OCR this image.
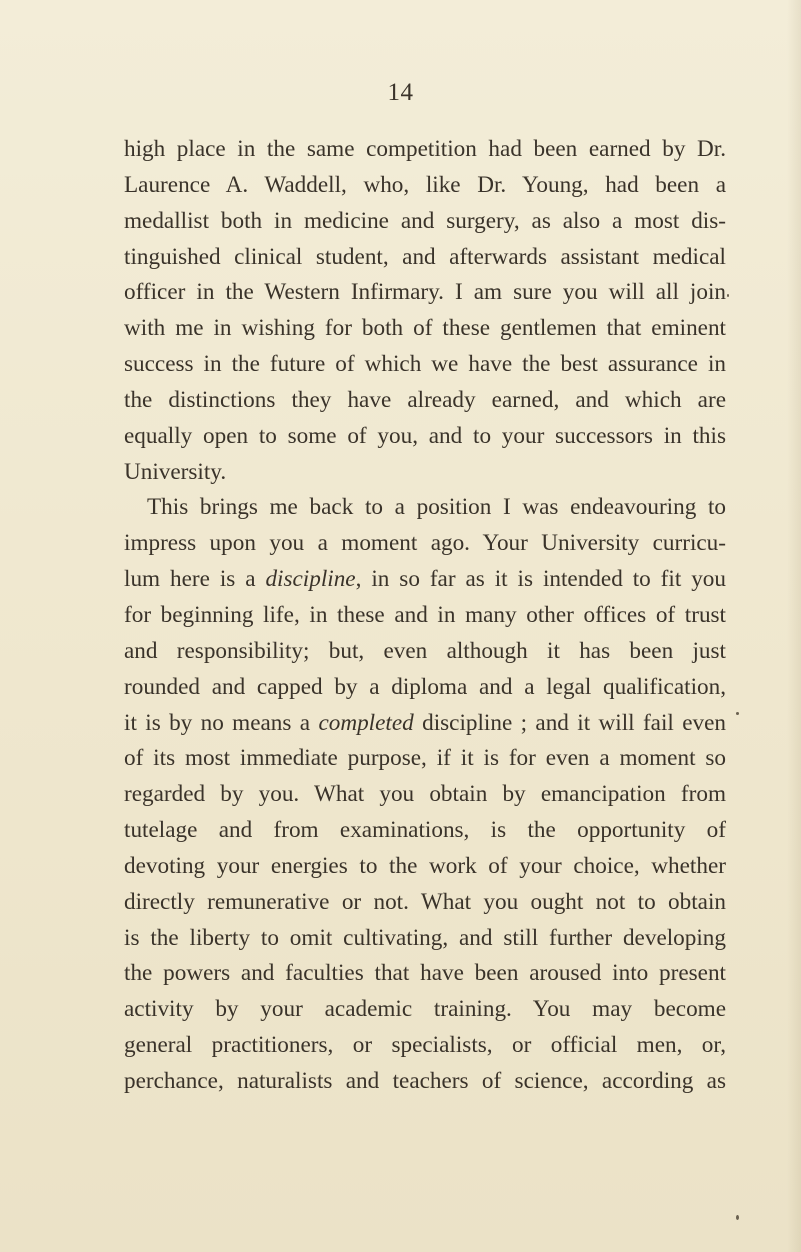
14
high place in the same competition had been earned by Dr.
Laurence A. Waddell, who, like Dr. Young, had been a
medallist both in medicine and surgery, as also a most dis-
tinguished clinical student, and afterwards assistant medical
officer in the Western Infirmary. I am sure you will all join
with me in wishing for both of these gentlemen that eminent
success in the future of which we have the best assurance in
the distinctions they have already earned, and which are
equally open to some of you, and to your successors in this
University.
This brings me back to a position I was endeavouring to
impress upon you a moment ago. Your University curricu-
lum here is a discipline, in so far as it is intended to fit you
for beginning life, in these and in many other offices of trust
and responsibility; but, even although it has been just
rounded and capped by a diploma and a legal qualification,
it is by no means a completed discipline ; and it will fail even
of its most immediate purpose, if it is for even a moment so
regarded by you. What you obtain by emancipation from
tutelage and from examinations, is the opportunity of
devoting your energies to the work of your choice, whether
directly remunerative or not. What you ought not to obtain
is the liberty to omit cultivating, and still further developing
the powers and faculties that have been aroused into present
activity by your academic training. You may become
general practitioners, or specialists, or official men, or,
perchance, naturalists and teachers of science, according as
